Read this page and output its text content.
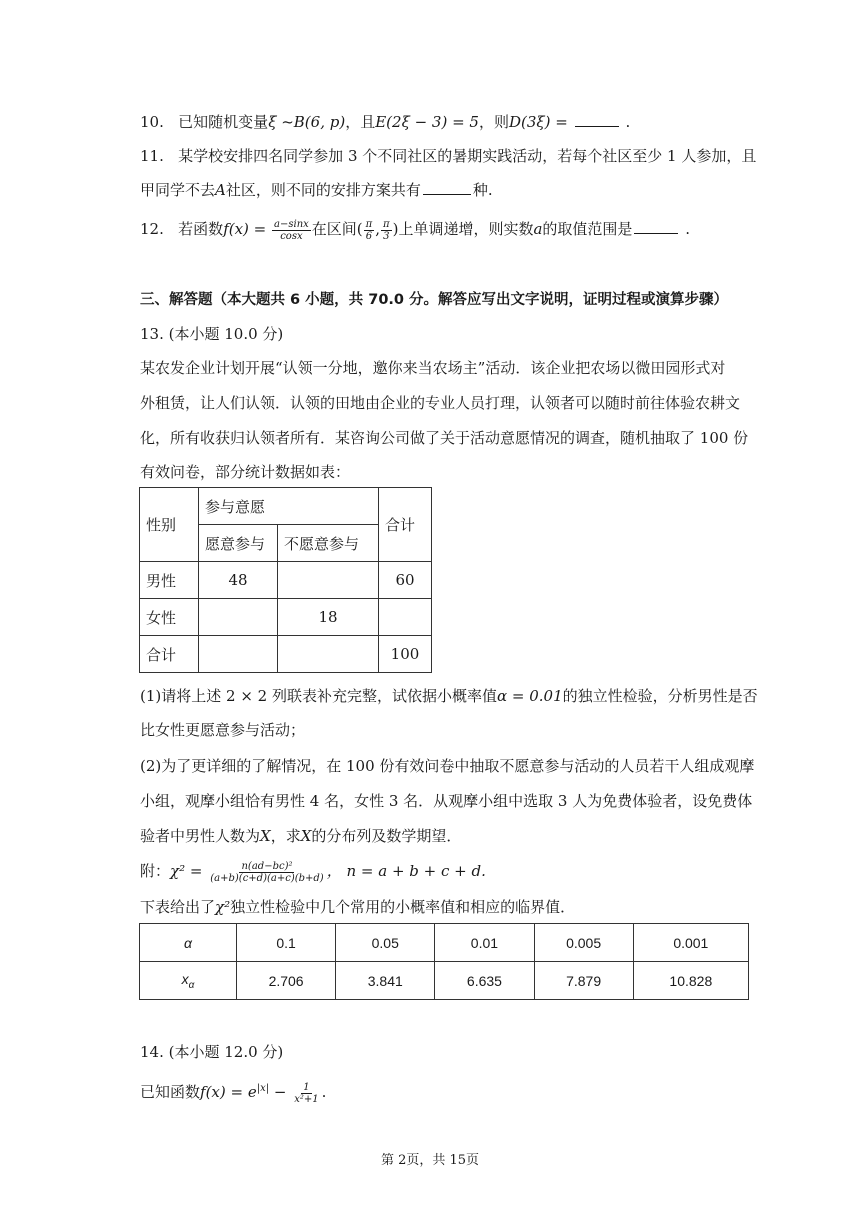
10. 已知随机变量ξ ~B(6, p)，且E(2ξ − 3) = 5，则D(3ξ) =	.
11. 某学校安排四名同学参加 3 个不同社区的暑期实践活动，若每个社区至少 1 人参加，且
甲同学不去A社区，则不同的安排方案共有	种.
12. 若函数$f(x) = \frac{a-\sin x}{\cos x}$ 在区间( $\frac{\pi}{6}$ , $\frac{\pi}{3}$ )上单调递增，则实数a的取值范围是	.
三、解答题（本大题共 6 小题，共 70.0 分。解答应写出文字说明，证明过程或演算步骤）
13. (本小题 10.0 分)
某农发企业计划开展“认领一分地，邀你来当农场主”活动．该企业把农场以微田园形式对
外租赁，让人们认领．认领的田地由企业的专业人员打理，认领者可以随时前往体验农耕文
化，所有收获归认领者所有．某咨询公司做了关于活动意愿情况的调查，随机抽取了 100 份
有效问卷，部分统计数据如表：
性别	参与意愿		合计
	愿意参与	不愿意参与	
男性	48		60
女性		18	
合计			100
(1)请将上述 2 × 2 列联表补充完整，试依据小概率值α = 0.01的独立性检验，分析男性是否
比女性更愿意参与活动；
(2)为了更详细的了解情况，在 100 份有效问卷中抽取不愿意参与活动的人员若干人组成观摩
小组，观摩小组恰有男性 4 名，女性 3 名．从观摩小组中选取 3 人为免费体验者，设免费体
验者中男性人数为X，求X的分布列及数学期望．
附：$\chi^2 = \frac{\text{n(ad−bc)²}}{(a+b)(c+d)(a+c)(b+d)}$ ， n = a + b + c + d.
下表给出了χ²独立性检验中几个常用的小概率值和相应的临界值．
α	0.1	0.05	0.01	0.005	0.001
$x_\alpha$	2.706	3.841	6.635	7.879	10.828
14. (本小题 12.0 分)
已知函数$f(x) = e^{|x|} - \frac{1}{\text{x²+1}}$ .
第 2页，共 15页
